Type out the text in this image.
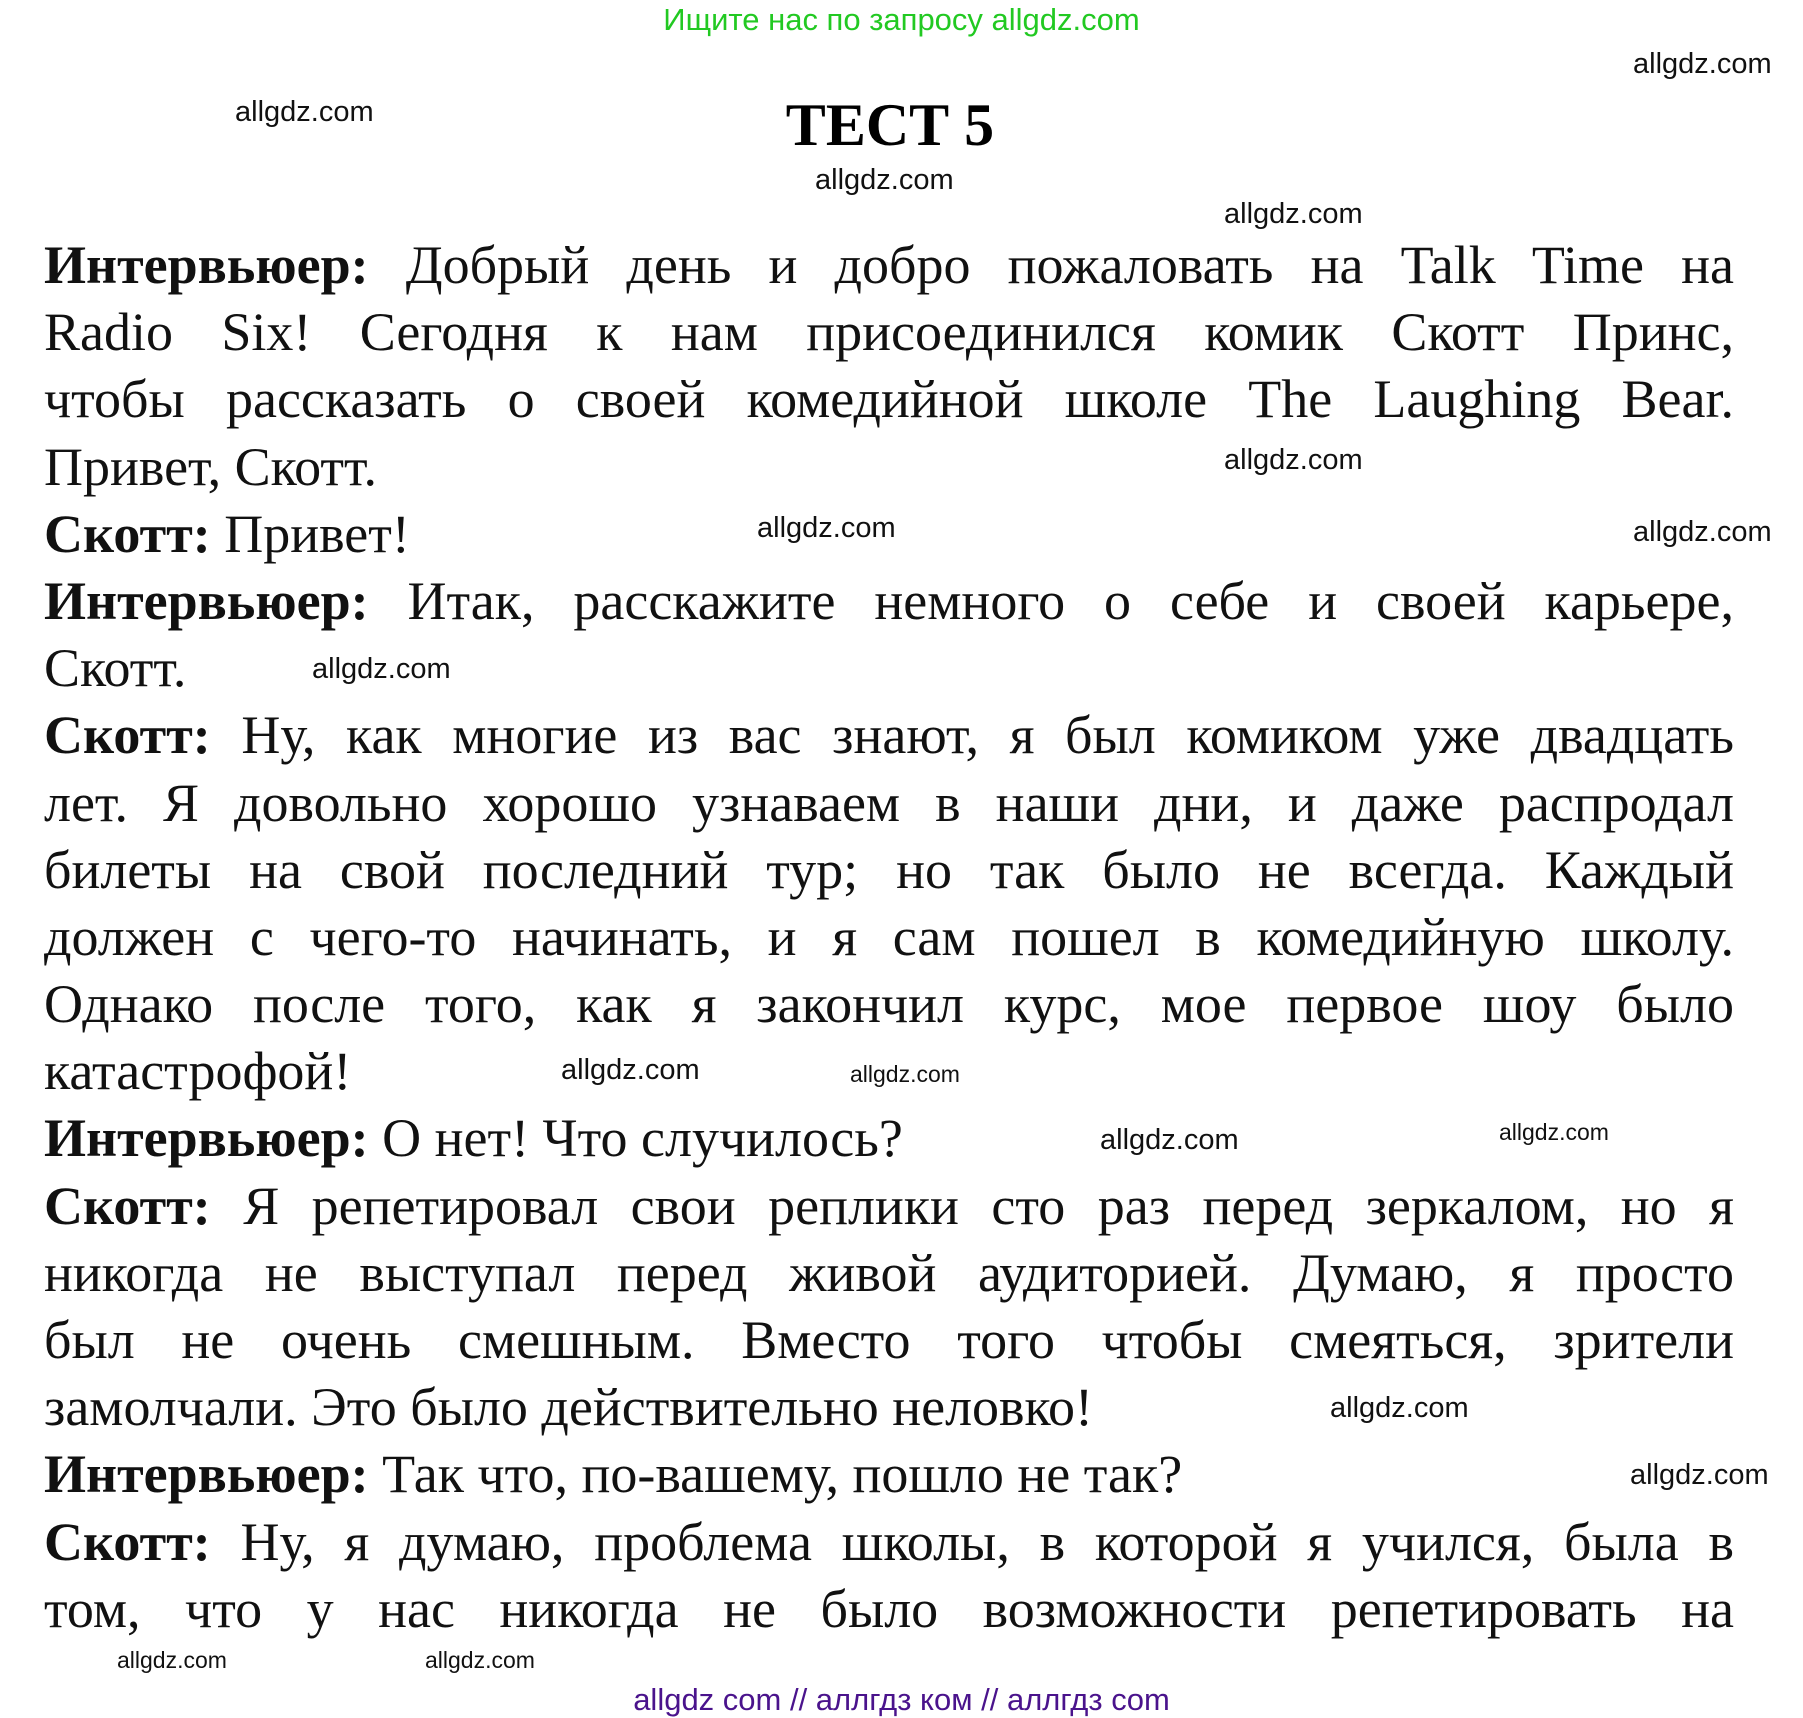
Ищите нас по запросу allgdz.com
ТЕСТ 5
Интервьюер: Добрый день и добро пожаловать на Talk Time на
Radio Six! Сегодня к нам присоединился комик Скотт Принс,
чтобы рассказать о своей комедийной школе The Laughing Bear.
Привет, Скотт.
Скотт: Привет!
Интервьюер: Итак, расскажите немного о себе и своей карьере,
Скотт.
Скотт: Ну, как многие из вас знают, я был комиком уже двадцать
лет. Я довольно хорошо узнаваем в наши дни, и даже распродал
билеты на свой последний тур; но так было не всегда. Каждый
должен с чего-то начинать, и я сам пошел в комедийную школу.
Однако после того, как я закончил курс, мое первое шоу было
катастрофой!
Интервьюер: О нет! Что случилось?
Скотт: Я репетировал свои реплики сто раз перед зеркалом, но я
никогда не выступал перед живой аудиторией. Думаю, я просто
был не очень смешным. Вместо того чтобы смеяться, зрители
замолчали. Это было действительно неловко!
Интервьюер: Так что, по-вашему, пошло не так?
Скотт: Ну, я думаю, проблема школы, в которой я учился, была в
том, что у нас никогда не было возможности репетировать на
allgdz.com
allgdz.com
allgdz.com
allgdz.com
allgdz.com
allgdz.com	allgdz.com
allgdz.com
allgdz.com
allgdz.com
allgdz.com
allgdz.com
allgdz.com
allgdz.com
allgdz.com	allgdz.com
allgdz com // аллгдз ком // аллгдз com
